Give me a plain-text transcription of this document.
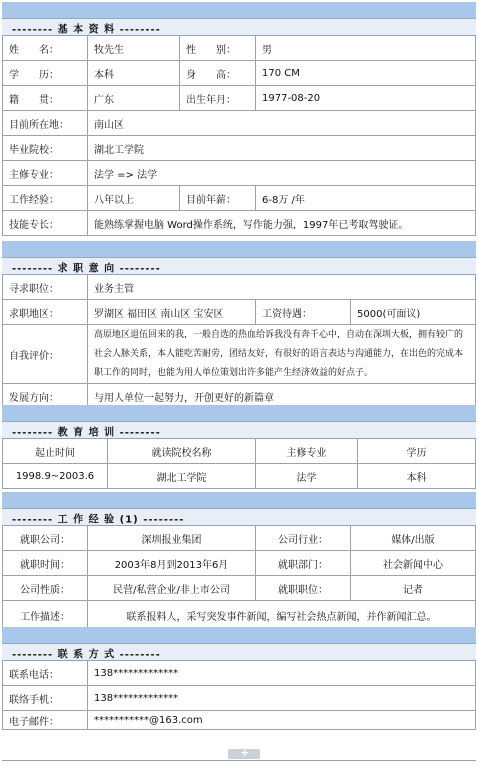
-------- 基 本 资 料 --------
姓　　名：	牧先生	性　　别：	男
学　　历：	本科	身　　高：	170 CM
籍　　贯：	广东	出生年月：	1977-08-20
目前所在地：	南山区		
毕业院校：	湖北工学院		
主修专业：	法学 => 法学		
工作经验：	八年以上	目前年薪：	6-8万 /年
技能专长：	能熟练掌握电脑 Word操作系统，写作能力强，1997年已考取驾驶证。		
-------- 求 职 意 向 --------
寻求职位：	业务主管		
求职地区：	罗湖区 福田区 南山区 宝安区	工资待遇：	5000(可面议)
自我评价：	高原地区退伍回来的我，一般自选的热血给诉我没有奔千心中，自动在深圳大板，拥有较广的社会人脉关系，本人能吃苦耐劳，团结友好，有很好的语言表达与沟通能力，在出色的完成本职工作的同时，也能为用人单位策划出许多能产生经济效益的好点子。		
发展方向：	与用人单位一起努力，开创更好的新篇章		
-------- 教 育 培 训 --------
起止时间	就读院校名称	主修专业	学历
1998.9~2003.6	湖北工学院	法学	本科
-------- 工 作 经 验 (1) --------
就职公司：	深圳报业集团	公司行业：	媒体/出版
就职时间：	2003年8月到2013年6月	就职部门：	社会新闻中心
公司性质：	民营/私营企业/非上市公司	就职职位：	记者
工作描述：	联系报料人，采写突发事件新闻，编写社会热点新闻，并作新闻汇总。		
-------- 联 系 方 式 --------
联系电话：	138*************
联络手机：	138*************
电子邮件：	***********@163.com
+
